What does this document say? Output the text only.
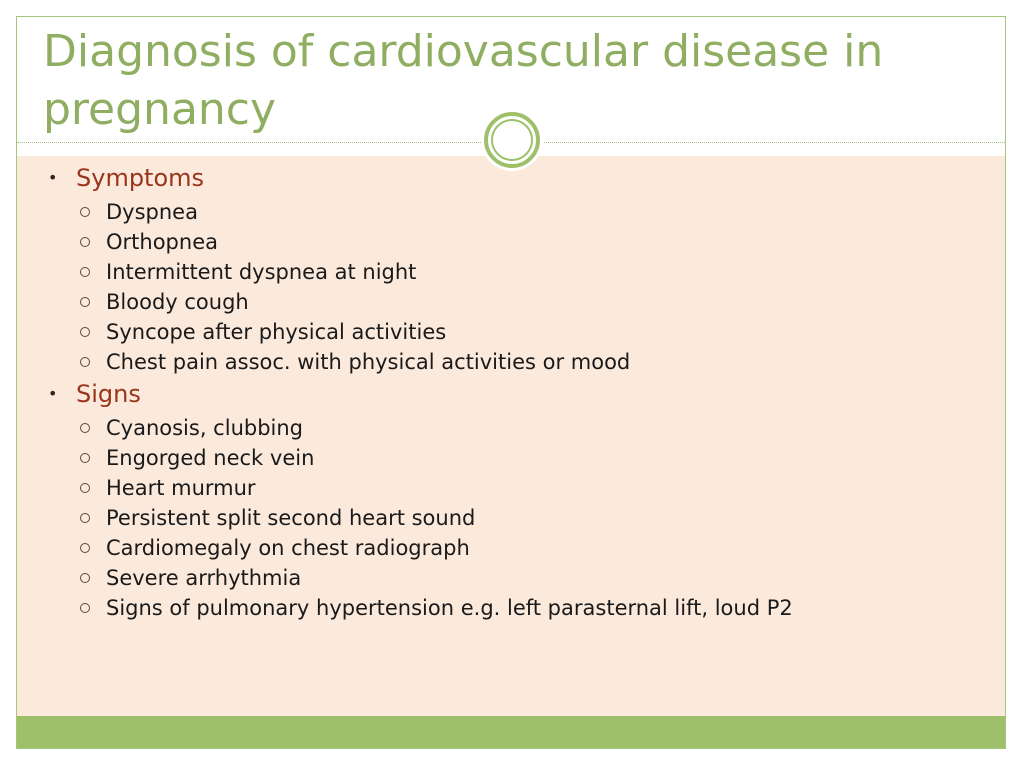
Diagnosis of cardiovascular disease in pregnancy
• Symptoms
Dyspnea
Orthopnea
Intermittent dyspnea at night
Bloody cough
Syncope after physical activities
Chest pain assoc. with physical activities or mood
• Signs
Cyanosis, clubbing
Engorged neck vein
Heart murmur
Persistent split second heart sound
Cardiomegaly on chest radiograph
Severe arrhythmia
Signs of pulmonary hypertension e.g. left parasternal lift, loud P2
